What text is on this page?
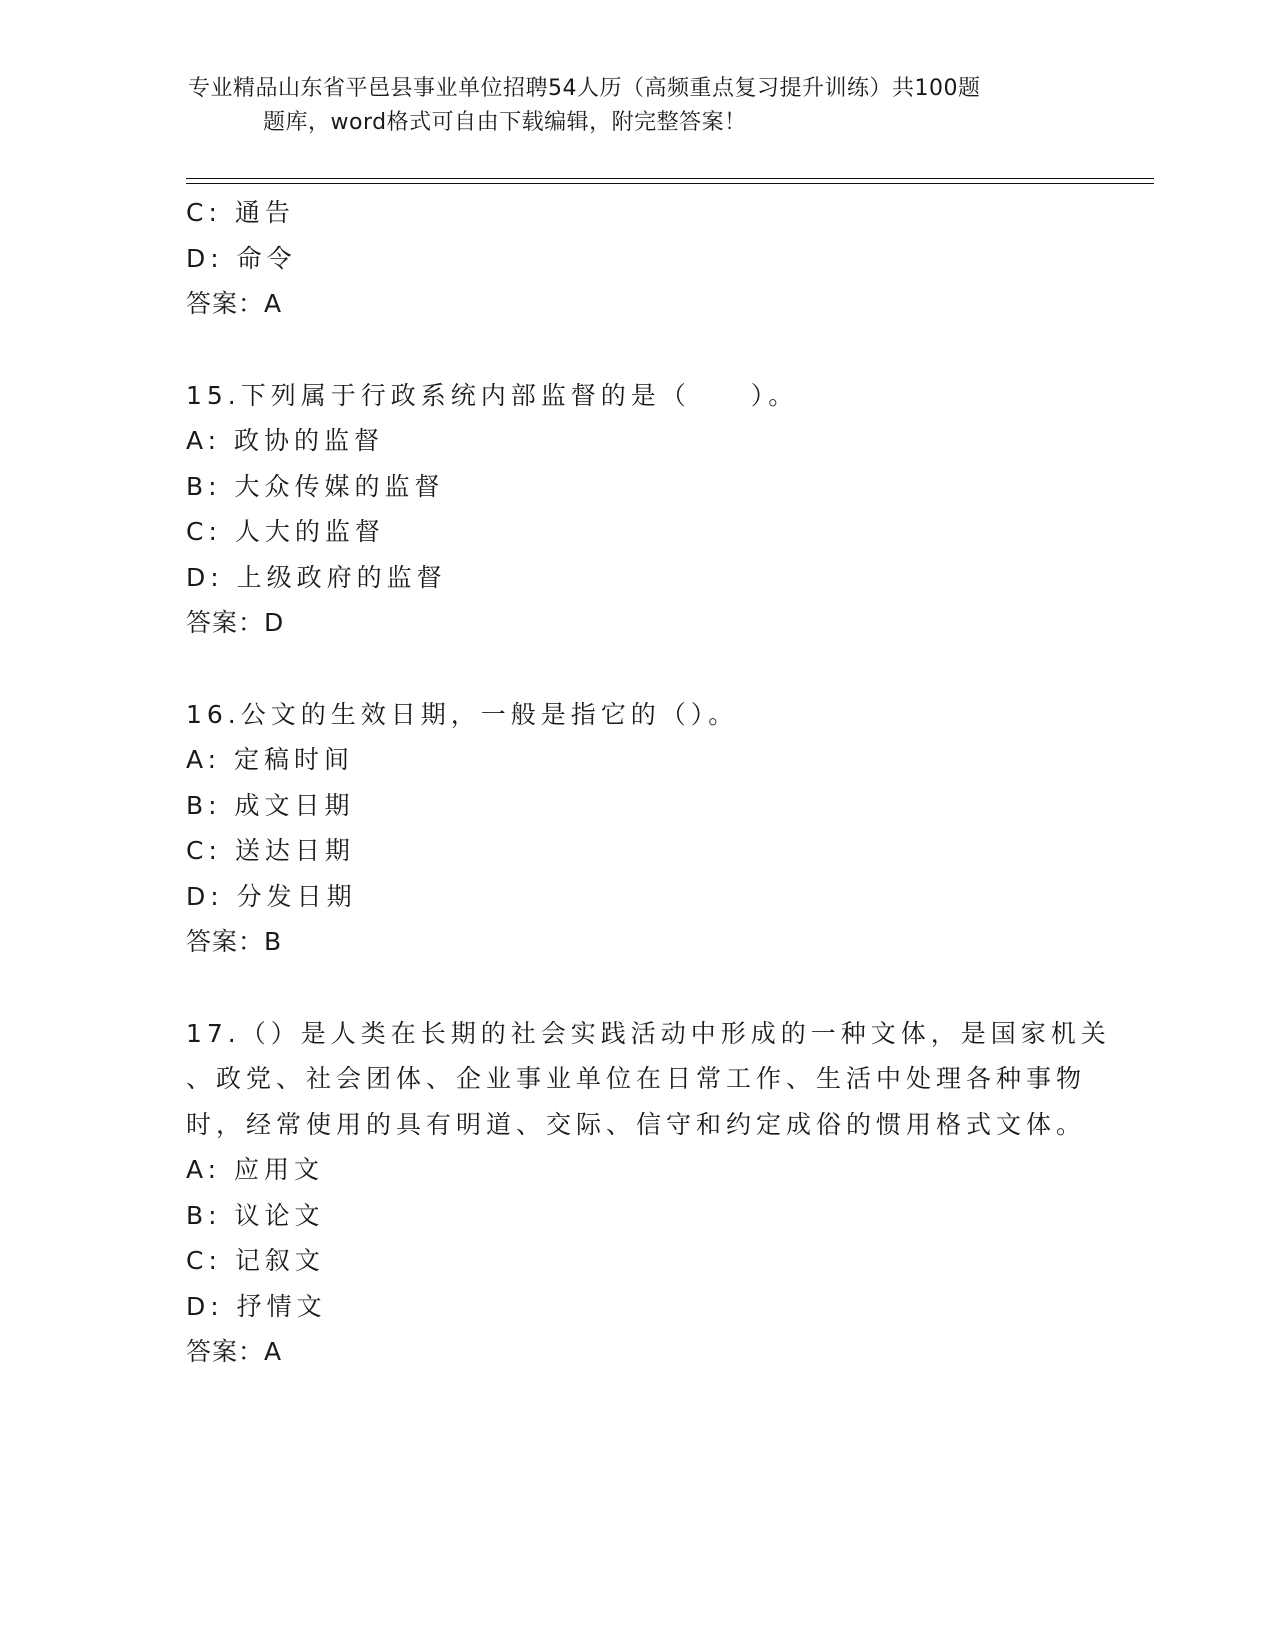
专业精品山东省平邑县事业单位招聘54人历（高频重点复习提升训练）共100题
题库，word格式可自由下载编辑，附完整答案！
C: 通告
D: 命令
答案：A
15.下列属于行政系统内部监督的是（　　）。
A: 政协的监督
B: 大众传媒的监督
C: 人大的监督
D: 上级政府的监督
答案：D
16.公文的生效日期，一般是指它的（）。
A: 定稿时间
B: 成文日期
C: 送达日期
D: 分发日期
答案：B
17.（）是人类在长期的社会实践活动中形成的一种文体，是国家机关
、政党、社会团体、企业事业单位在日常工作、生活中处理各种事物
时，经常使用的具有明道、交际、信守和约定成俗的惯用格式文体。
A: 应用文
B: 议论文
C: 记叙文
D: 抒情文
答案：A
